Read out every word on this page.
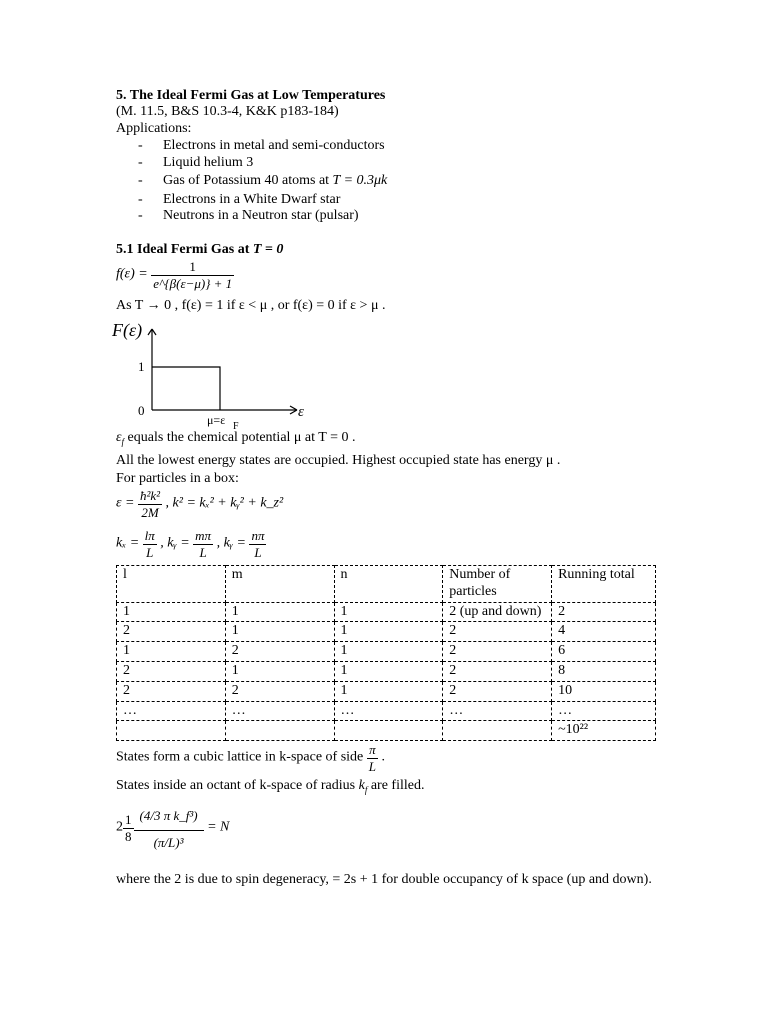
5. The Ideal Fermi Gas at Low Temperatures
(M. 11.5, B&S 10.3-4, K&K p183-184)
Applications:
- Electrons in metal and semi-conductors
- Liquid helium 3
- Gas of Potassium 40 atoms at T = 0.3μk
- Electrons in a White Dwarf star
- Neutrons in a Neutron star (pulsar)
5.1 Ideal Fermi Gas at T = 0
$f(\varepsilon) = \frac{1}{e\^{}\{\beta(\varepsilon-\mu)\} + 1}$
As T → 0 , f(ε) = 1 if ε < μ , or f(ε) = 0 if ε > μ .
F(ε)
1
0
μ=ε F
ε
$\varepsilon_f$ equals the chemical potential μ at T = 0 .
All the lowest energy states are occupied. Highest occupied state has energy μ .
For particles in a box:
$\varepsilon = \frac{\text{ħ²k²}}{2M}$ , k² = kₓ² + kᵧ² + k_z²
$k_x = \frac{l\pi}{L}$ , kᵧ = $\frac{m\pi}{L}$ , kᵧ = $\frac{n\pi}{L}$
l	m	n	Number of particles	Running total
1	1	1	2 (up and down)	2
2	1	1	2	4
1	2	1	2	6
2	1	1	2	8
2	2	1	2	10
…	…	…	…	…
				~10²²
States form a cubic lattice in k-space of side $\frac{\pi}{L}$ .
States inside an octant of k-space of radius $k_f$ are filled.
$2 \frac{1}{8} \frac{\text{(4/3 π k\_f³)}}{\text{(π/L)³}} = N$
where the 2 is due to spin degeneracy, = 2s + 1 for double occupancy of k space (up and down).
